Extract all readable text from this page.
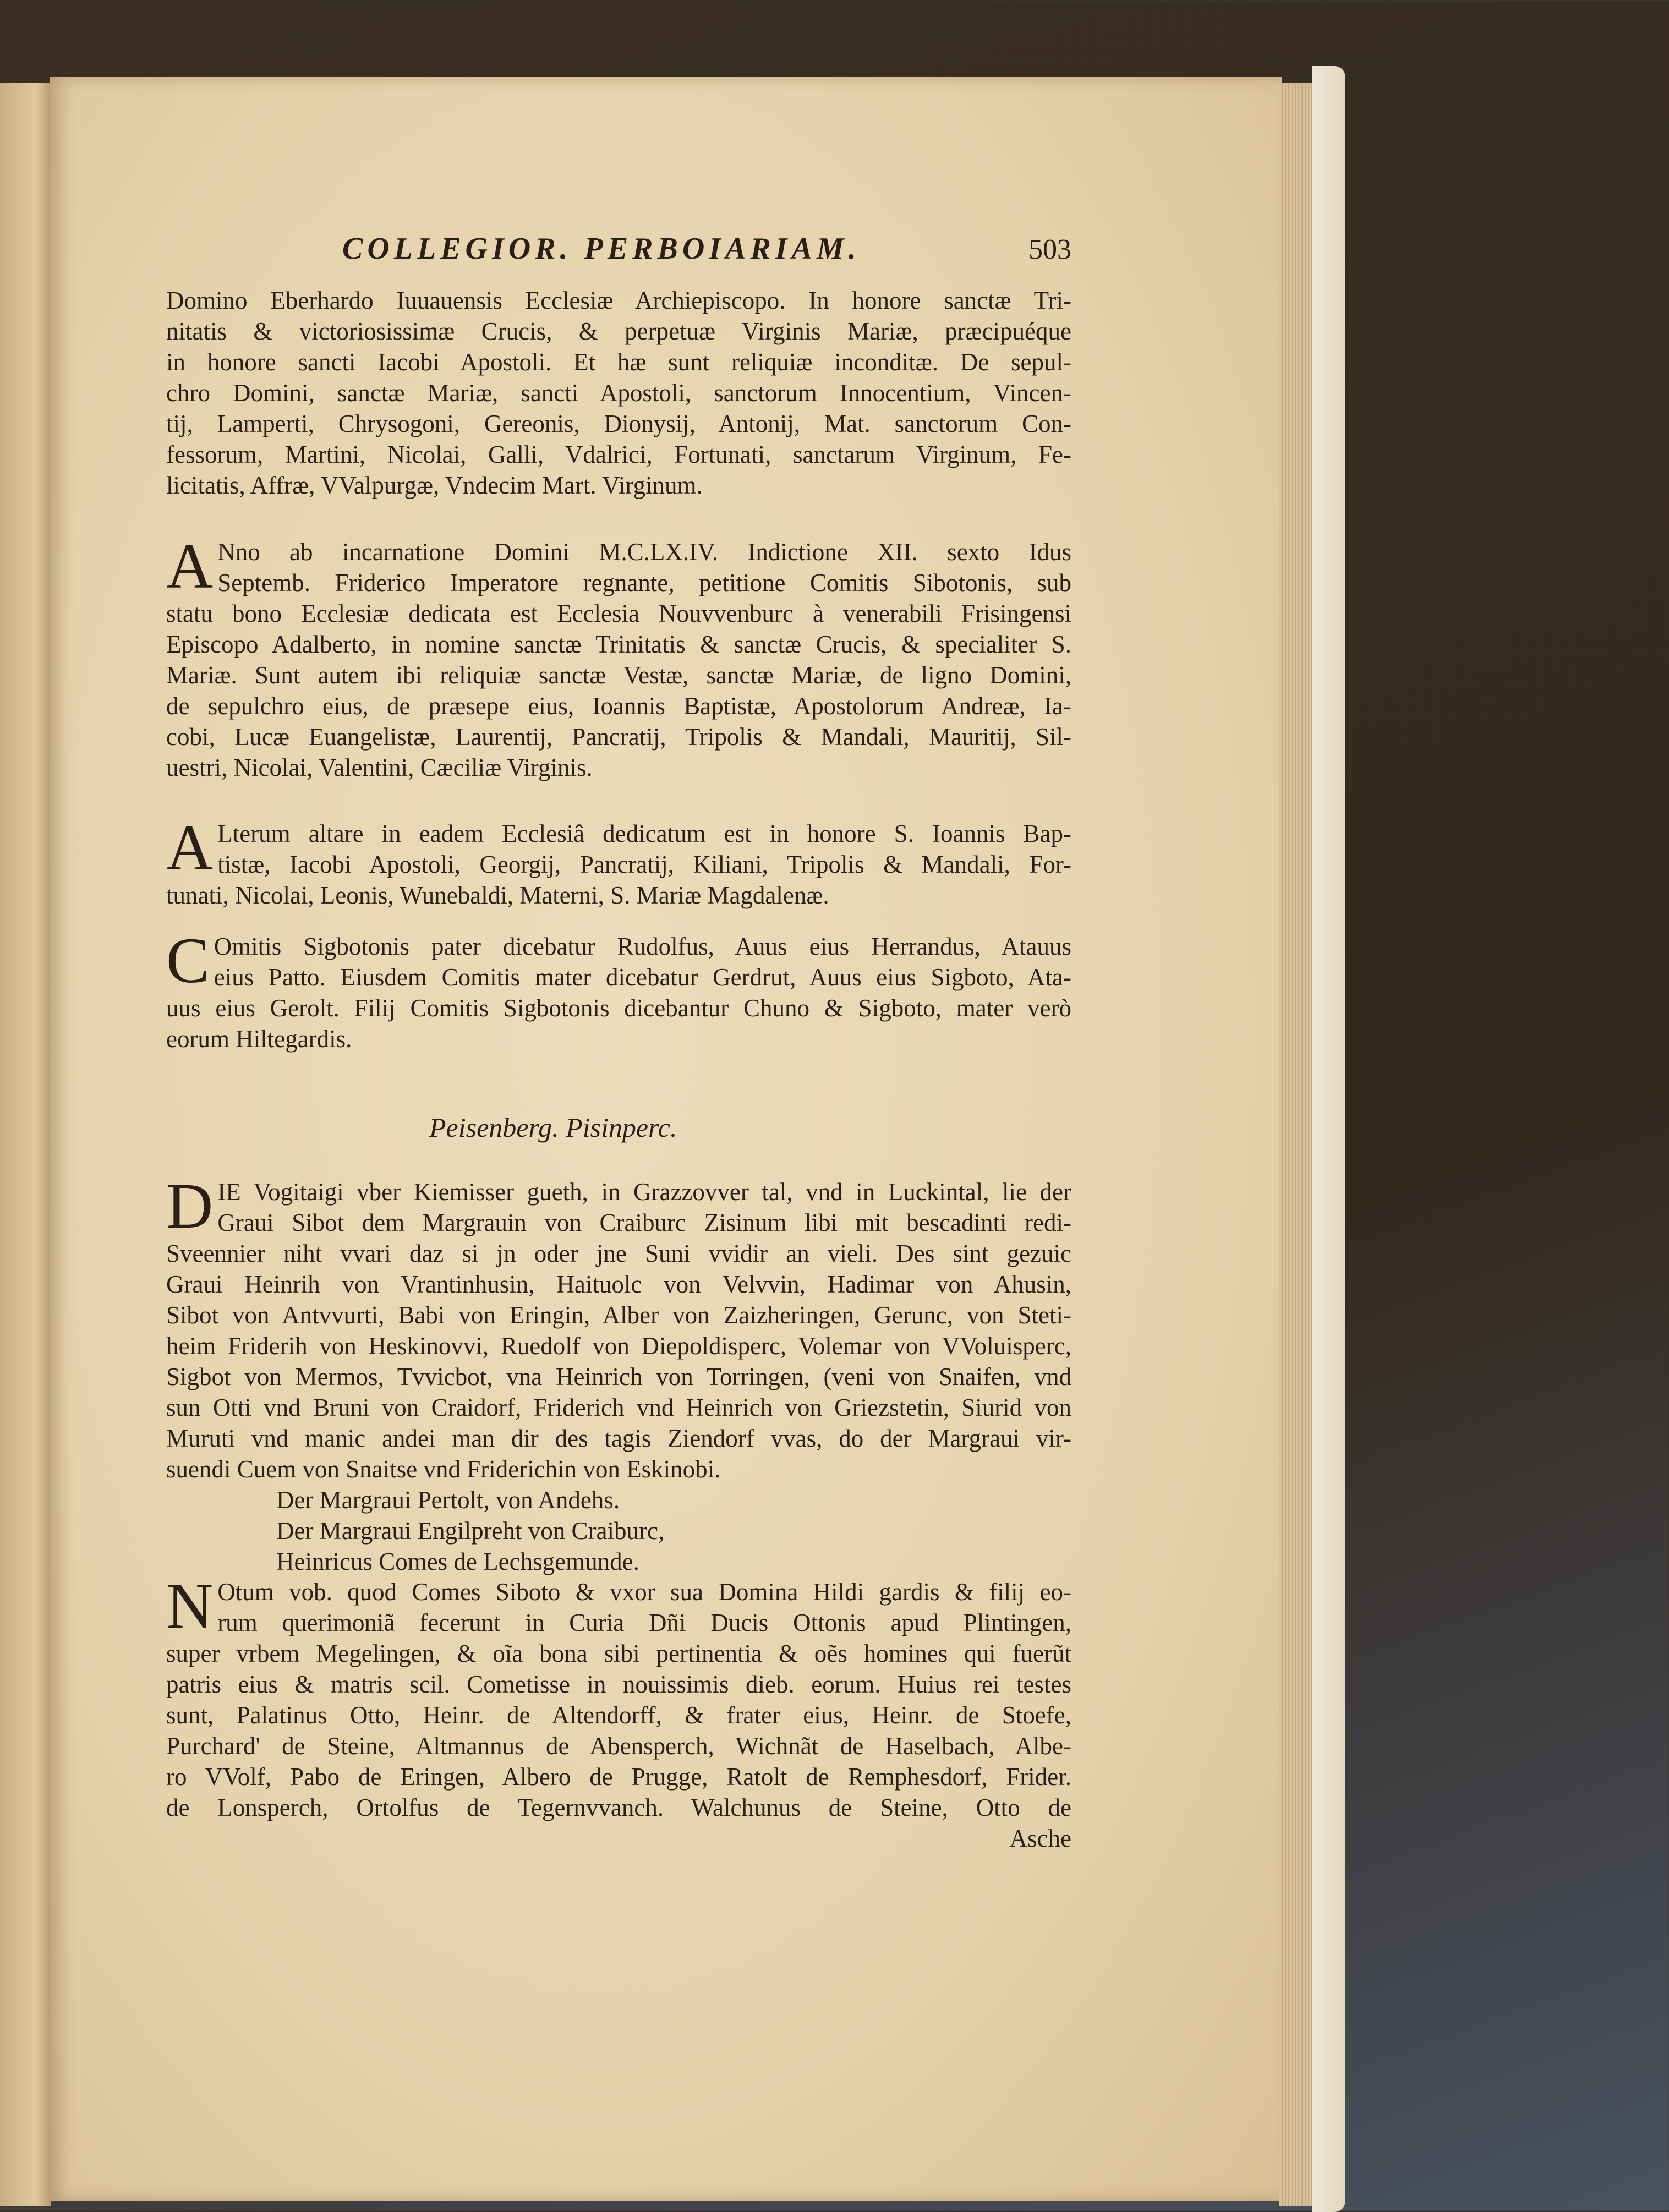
COLLEGIOR. PERBOIARIAM.	503
Domino Eberhardo Iuuauensis Ecclesiæ Archiepiscopo. In honore sanctæ Tri-
nitatis & victoriosissimæ Crucis, & perpetuæ Virginis Mariæ, præcipuéque
in honore sancti Iacobi Apostoli. Et hæ sunt reliquiæ inconditæ. De sepul-
chro Domini, sanctæ Mariæ, sancti Apostoli, sanctorum Innocentium, Vincen-
tij, Lamperti, Chrysogoni, Gereonis, Dionysij, Antonij, Mat. sanctorum Con-
fessorum, Martini, Nicolai, Galli, Vdalrici, Fortunati, sanctarum Virginum, Fe-
licitatis, Affræ, VValpurgæ, Vndecim Mart. Virginum.
A Nno ab incarnatione Domini M.C.LX.IV. Indictione XII. sexto Idus
Septemb. Friderico Imperatore regnante, petitione Comitis Sibotonis, sub
statu bono Ecclesiæ dedicata est Ecclesia Nouvvenburc à venerabili Frisingensi
Episcopo Adalberto, in nomine sanctæ Trinitatis & sanctæ Crucis, & specialiter S.
Mariæ. Sunt autem ibi reliquiæ sanctæ Vestæ, sanctæ Mariæ, de ligno Domini,
de sepulchro eius, de præsepe eius, Ioannis Baptistæ, Apostolorum Andreæ, Ia-
cobi, Lucæ Euangelistæ, Laurentij, Pancratij, Tripolis & Mandali, Mauritij, Sil-
uestri, Nicolai, Valentini, Cæciliæ Virginis.
A Lterum altare in eadem Ecclesiâ dedicatum est in honore S. Ioannis Bap-
tistæ, Iacobi Apostoli, Georgij, Pancratij, Kiliani, Tripolis & Mandali, For-
tunati, Nicolai, Leonis, Wunebaldi, Materni, S. Mariæ Magdalenæ.
C Omitis Sigbotonis pater dicebatur Rudolfus, Auus eius Herrandus, Atauus
eius Patto. Eiusdem Comitis mater dicebatur Gerdrut, Auus eius Sigboto, Ata-
uus eius Gerolt. Filij Comitis Sigbotonis dicebantur Chuno & Sigboto, mater verò
eorum Hiltegardis.
Peisenberg. Pisinperc.
D IE Vogitaigi vber Kiemisser gueth, in Grazzovver tal, vnd in Luckintal, lie der
Graui Sibot dem Margrauin von Craiburc Zisinum libi mit bescadinti redi-
Sveennier niht vvari daz si jn oder jne Suni vvidir an vieli. Des sint gezuic
Graui Heinrih von Vrantinhusin, Haituolc von Velvvin, Hadimar von Ahusin,
Sibot von Antvvurti, Babi von Eringin, Alber von Zaizheringen, Gerunc, von Steti-
heim Friderih von Heskinovvi, Ruedolf von Diepoldisperc, Volemar von VVoluisperc,
Sigbot von Mermos, Tvvicbot, vna Heinrich von Torringen, (veni von Snaifen, vnd
sun Otti vnd Bruni von Craidorf, Friderich vnd Heinrich von Griezstetin, Siurid von
Muruti vnd manic andei man dir des tagis Ziendorf vvas, do der Margraui vir-
suendi Cuem von Snaitse vnd Friderichin von Eskinobi.
Der Margraui Pertolt, von Andehs.
Der Margraui Engilpreht von Craiburc,
Heinricus Comes de Lechsgemunde.
N Otum vob. quod Comes Siboto & vxor sua Domina Hildi gardis & filij eo-
rum querimoniã fecerunt in Curia Dñi Ducis Ottonis apud Plintingen,
super vrbem Megelingen, & oĩa bona sibi pertinentia & oẽs homines qui fuerũt
patris eius & matris scil. Cometisse in nouissimis dieb. eorum. Huius rei testes
sunt, Palatinus Otto, Heinr. de Altendorff, & frater eius, Heinr. de Stoefe,
Purchard' de Steine, Altmannus de Abensperch, Wichnãt de Haselbach, Albe-
ro VVolf, Pabo de Eringen, Albero de Prugge, Ratolt de Remphesdorf, Frider.
de Lonsperch, Ortolfus de Tegernvvanch. Walchunus de Steine, Otto de
Asche
